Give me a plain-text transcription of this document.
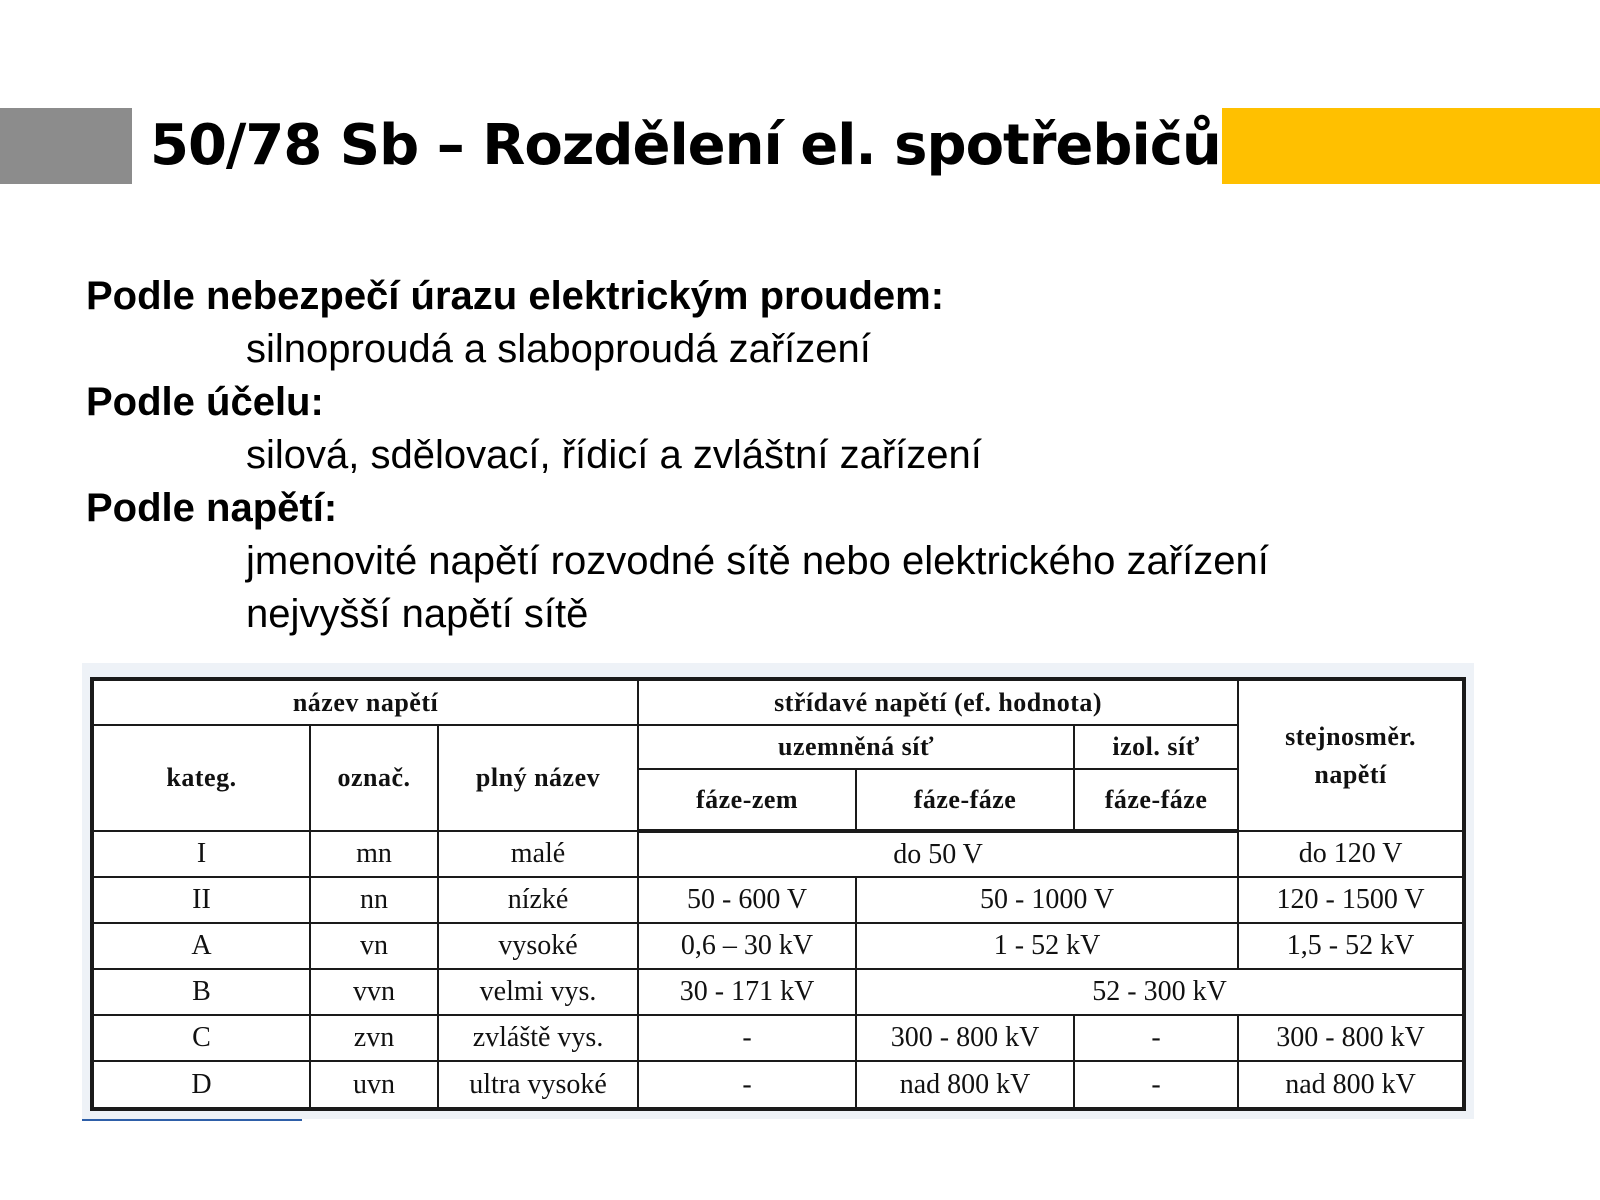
50/78 Sb – Rozdělení el. spotřebičů
Podle nebezpečí úrazu elektrickým proudem:
silnoproudá a slaboproudá zařízení
Podle účelu:
silová, sdělovací, řídicí a zvláštní zařízení
Podle napětí:
jmenovité napětí rozvodné sítě nebo elektrického zařízení
nejvyšší napětí sítě
název napětí			střídavé napětí (ef. hodnota)			stejnosměr. napětí
kateg.	označ.	plný název	uzemněná síť		izol. síť	
			fáze-zem	fáze-fáze	fáze-fáze	
I	mn	malé	do 50 V			do 120 V
II	nn	nízké	50 - 600 V	50 - 1000 V		120 - 1500 V
A	vn	vysoké	0,6 – 30 kV	1 - 52 kV		1,5 - 52 kV
B	vvn	velmi vys.	30 - 171 kV	52 - 300 kV		
C	zvn	zvláště vys.	-	300 - 800 kV	-	300 - 800 kV
D	uvn	ultra vysoké	-	nad 800 kV	-	nad 800 kV
